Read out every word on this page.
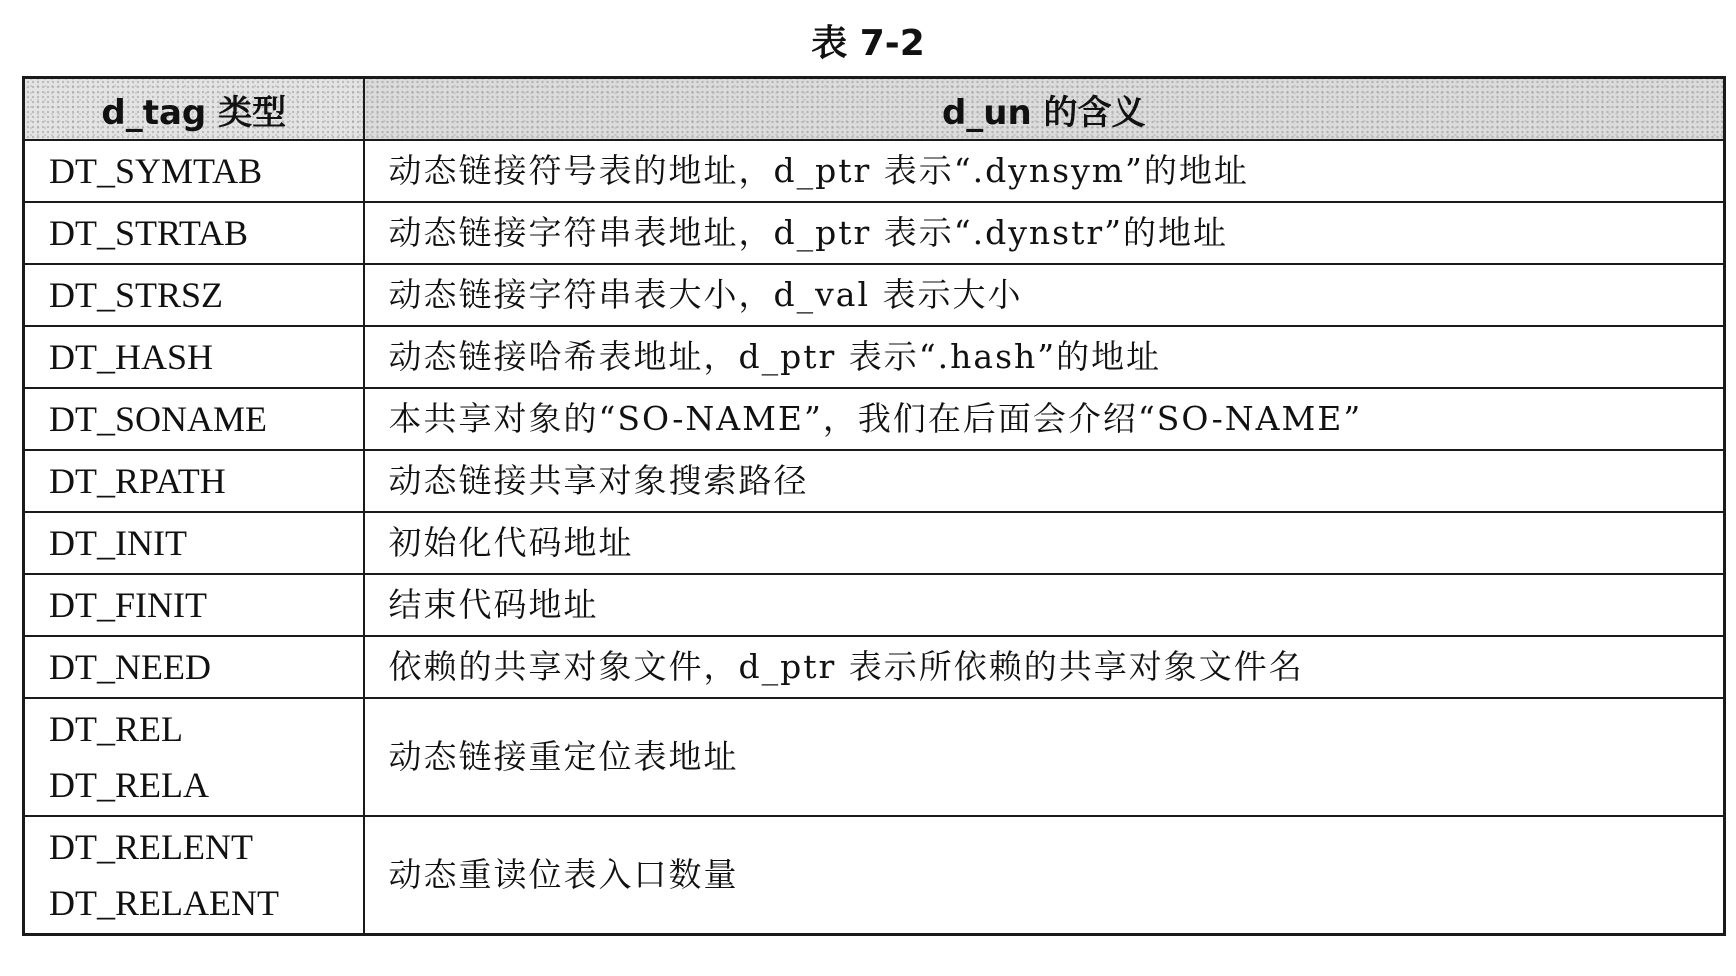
表 7-2
d_tag 类型	d_un 的含义
DT_SYMTAB	动态链接符号表的地址，d_ptr 表示“.dynsym”的地址
DT_STRTAB	动态链接字符串表地址，d_ptr 表示“.dynstr”的地址
DT_STRSZ	动态链接字符串表大小，d_val 表示大小
DT_HASH	动态链接哈希表地址，d_ptr 表示“.hash”的地址
DT_SONAME	本共享对象的“SO-NAME”，我们在后面会介绍“SO-NAME”
DT_RPATH	动态链接共享对象搜索路径
DT_INIT	初始化代码地址
DT_FINIT	结束代码地址
DT_NEED	依赖的共享对象文件，d_ptr 表示所依赖的共享对象文件名

DT_REL
DT_RELA	动态链接重定位表地址

DT_RELENT
DT_RELAENT	动态重读位表入口数量
